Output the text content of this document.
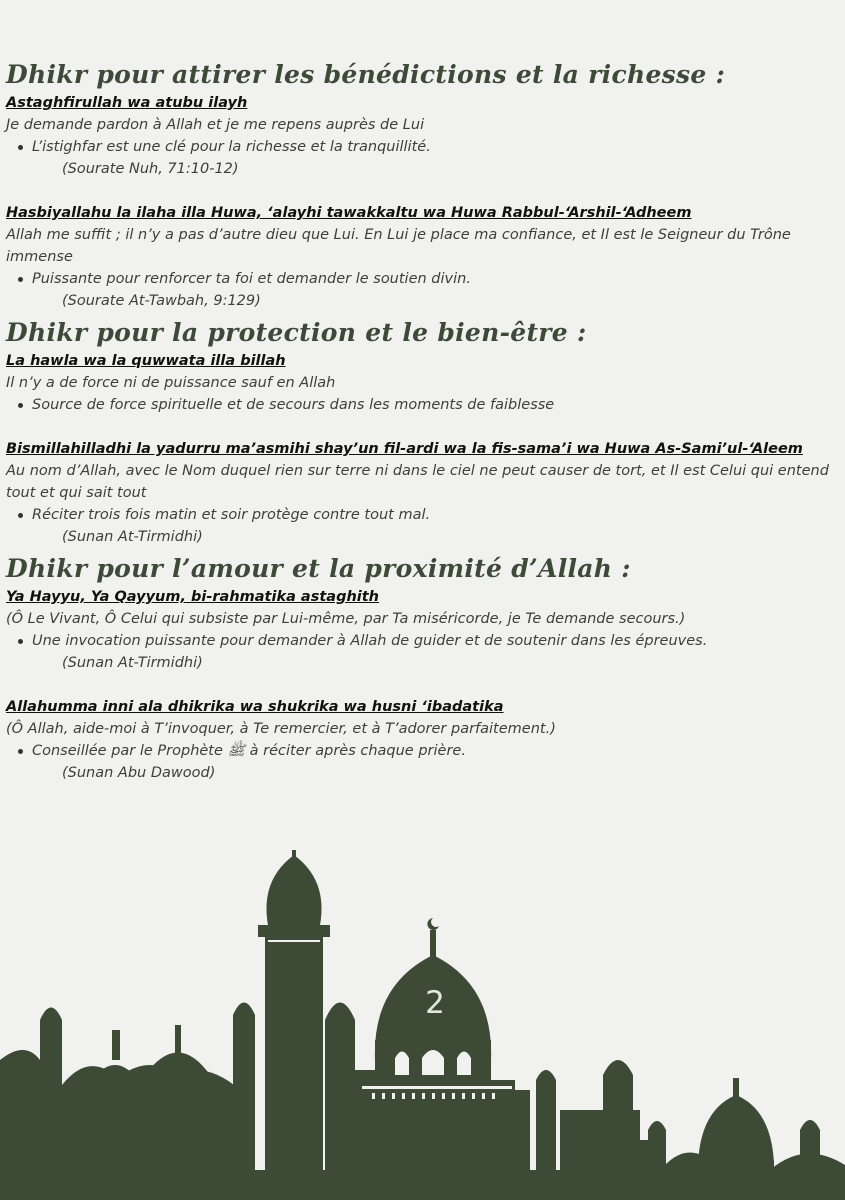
Dhikr pour attirer les bénédictions et la richesse :
Astaghfirullah wa atubu ilayh
Je demande pardon à Allah et je me repens auprès de Lui
L’istighfar est une clé pour la richesse et la tranquillité.
(Sourate Nuh, 71:10-12)
Hasbiyallahu la ilaha illa Huwa, ‘alayhi tawakkaltu wa Huwa Rabbul-‘Arshil-‘Adheem
Allah me suffit ; il n’y a pas d’autre dieu que Lui. En Lui je place ma confiance, et Il est le Seigneur du Trône immense
Puissante pour renforcer ta foi et demander le soutien divin.
(Sourate At-Tawbah, 9:129)
Dhikr pour la protection et le bien-être :
La hawla wa la quwwata illa billah
Il n’y a de force ni de puissance sauf en Allah
Source de force spirituelle et de secours dans les moments de faiblesse
Bismillahilladhi la yadurru ma’asmihi shay’un fil-ardi wa la fis-sama’i wa Huwa As-Sami’ul-‘Aleem
Au nom d’Allah, avec le Nom duquel rien sur terre ni dans le ciel ne peut causer de tort, et Il est Celui qui entend tout et qui sait tout
Réciter trois fois matin et soir protège contre tout mal.
(Sunan At-Tirmidhi)
Dhikr pour l’amour et la proximité d’Allah :
Ya Hayyu, Ya Qayyum, bi-rahmatika astaghith
(Ô Le Vivant, Ô Celui qui subsiste par Lui-même, par Ta miséricorde, je Te demande secours.)
Une invocation puissante pour demander à Allah de guider et de soutenir dans les épreuves.
(Sunan At-Tirmidhi)
Allahumma inni ala dhikrika wa shukrika wa husni ‘ibadatika
(Ô Allah, aide-moi à T’invoquer, à Te remercier, et à T’adorer parfaitement.)
Conseillée par le Prophète ﷺ à réciter après chaque prière.
(Sunan Abu Dawood)
2
